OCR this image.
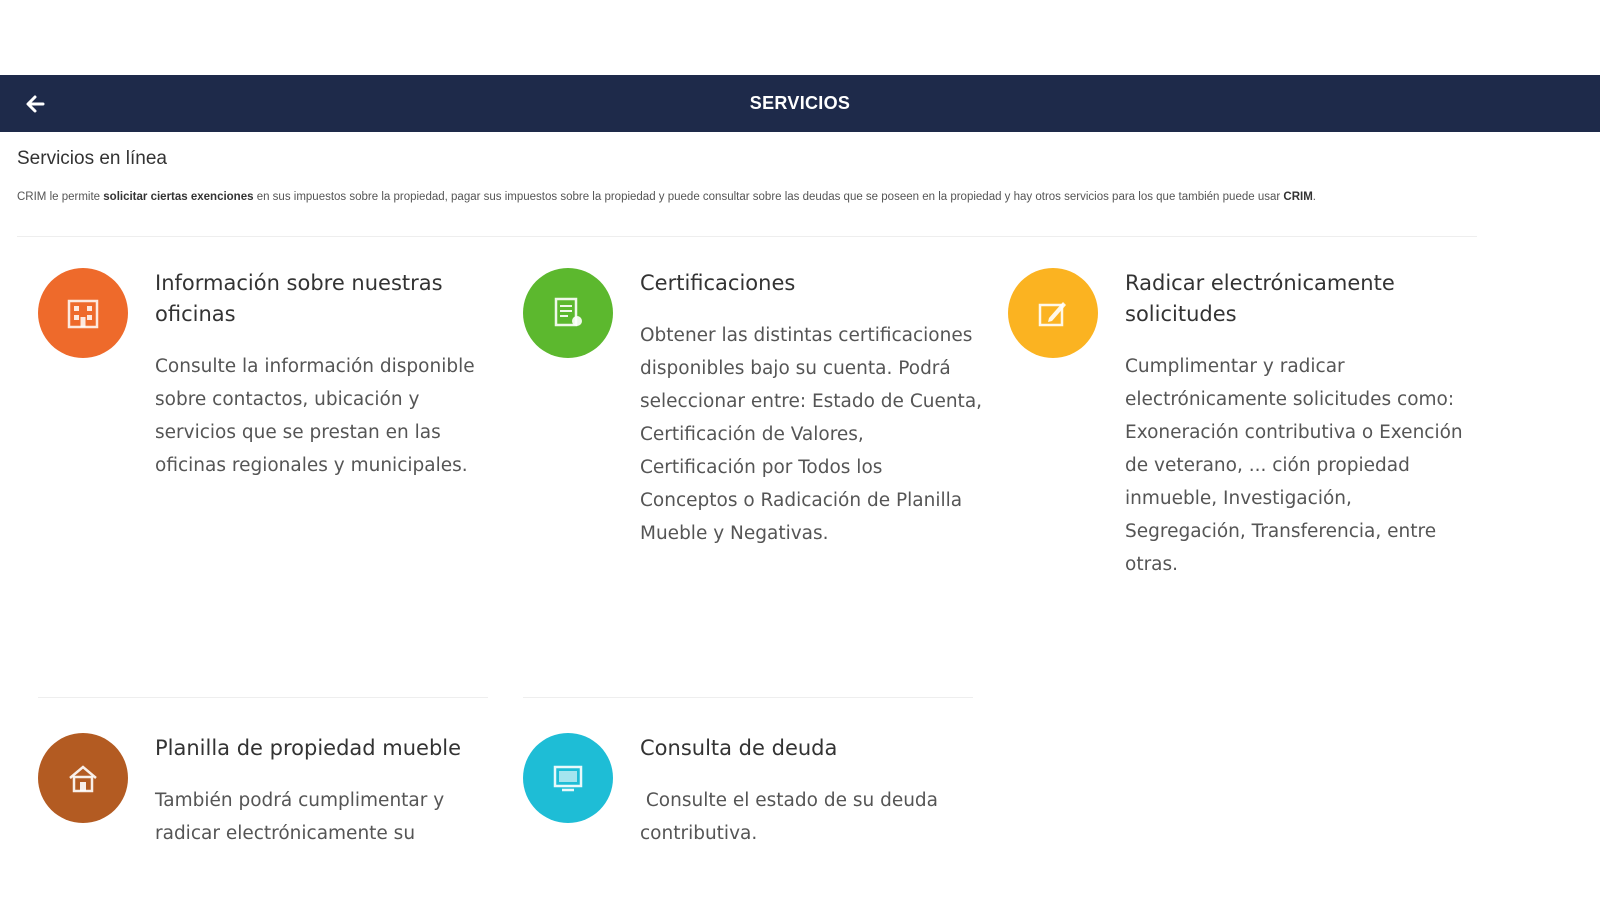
SERVICIOS
Servicios en línea
CRIM le permite solicitar ciertas exenciones en sus impuestos sobre la propiedad, pagar sus impuestos sobre la propiedad y puede consultar sobre las deudas que se poseen en la propiedad y hay otros servicios para los que también puede usar CRIM.
Información sobre nuestras oficinas
Consulte la información disponible sobre contactos, ubicación y servicios que se prestan en las oficinas regionales y municipales.
Certificaciones
Obtener las distintas certificaciones disponibles bajo su cuenta. Podrá seleccionar entre: Estado de Cuenta, Certificación de Valores, Certificación por Todos los Conceptos o Radicación de Planilla Mueble y Negativas.
Radicar electrónicamente solicitudes
Cumplimentar y radicar electrónicamente solicitudes como: Exoneración contributiva o Exención de veterano, ... ción propiedad inmueble, Investigación, Segregación, Transferencia, entre otras.
Planilla de propiedad mueble
También podrá cumplimentar y radicar electrónicamente su
Consulta de deuda
Consulte el estado de su deuda contributiva.
